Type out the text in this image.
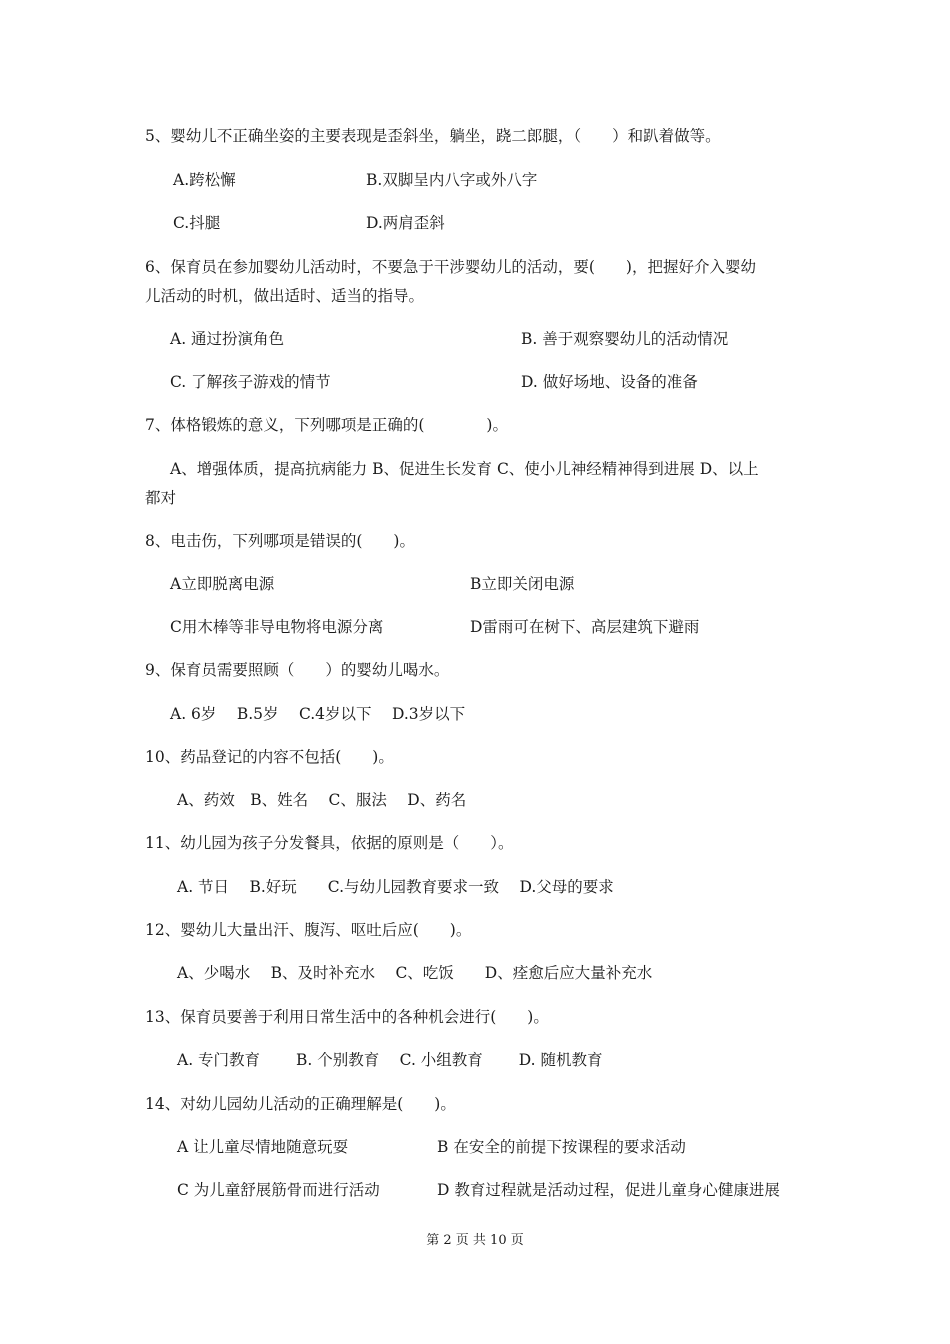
5、婴幼儿不正确坐姿的主要表现是歪斜坐，躺坐，跷二郎腿，（　　）和趴着做等。
A.跨松懈	B.双脚呈内八字或外八字
C.抖腿	D.两肩歪斜
6、保育员在参加婴幼儿活动时，不要急于干涉婴幼儿的活动，要(　　)，把握好介入婴幼
儿活动的时机，做出适时、适当的指导。
A. 通过扮演角色	B. 善于观察婴幼儿的活动情况
C. 了解孩子游戏的情节	D. 做好场地、设备的准备
7、体格锻炼的意义，下列哪项是正确的(　　　　)。
A、增强体质，提高抗病能力 B、促进生长发育 C、使小儿神经精神得到进展 D、以上
都对
8、电击伤，下列哪项是错误的(　　)。
A立即脱离电源	B立即关闭电源
C用木棒等非导电物将电源分离	D雷雨可在树下、高层建筑下避雨
9、保育员需要照顾（　　）的婴幼儿喝水。
A. 6岁　 B.5岁　 C.4岁以下　 D.3岁以下
10、药品登记的内容不包括(　　)。
A、药效　B、姓名　 C、服法　 D、药名
11、幼儿园为孩子分发餐具，依据的原则是（　　）。
A. 节日　 B.好玩　　C.与幼儿园教育要求一致　 D.父母的要求
12、婴幼儿大量出汗、腹泻、呕吐后应(　　)。
A、少喝水　 B、及时补充水　 C、吃饭　　D、痊愈后应大量补充水
13、保育员要善于利用日常生活中的各种机会进行(　　)。
A. 专门教育　　 B. 个别教育　 C. 小组教育　　 D. 随机教育
14、对幼儿园幼儿活动的正确理解是(　　)。
A 让儿童尽情地随意玩耍	B 在安全的前提下按课程的要求活动
C 为儿童舒展筋骨而进行活动	D 教育过程就是活动过程，促进儿童身心健康进展
第 2 页 共 10 页
